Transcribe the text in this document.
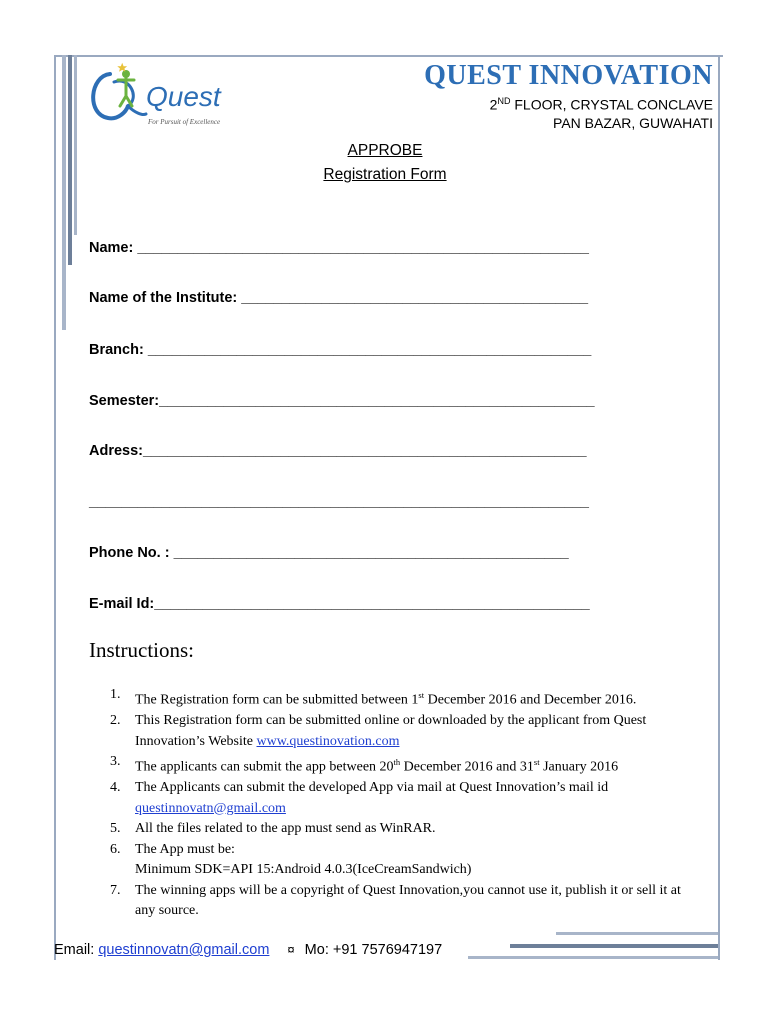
Quest
For Pursuit of Excellence
QUEST INNOVATION
2ND FLOOR, CRYSTAL CONCLAVE
PAN BAZAR, GUWAHATI
APPROBE
Registration Form
Name: ________________________________________________________
Name of the Institute: ___________________________________________
Branch: _______________________________________________________
Semester:______________________________________________________
Adress:_______________________________________________________
______________________________________________________________
Phone No. : _________________________________________________
E-mail Id:______________________________________________________
Instructions:
1.	The Registration form can be submitted between 1st December 2016 and December 2016.
2.	This Registration form can be submitted online or downloaded by the applicant from Quest Innovation’s Website www.questinovation.com
3.	The applicants can submit the app between 20th December 2016 and 31st January 2016
4.	The Applicants can submit the developed App via mail at Quest Innovation’s mail id
questinnovatn@gmail.com
5.	All the files related to the app must send as WinRAR.
6.	The App must be:
Minimum SDK=API 15:Android 4.0.3(IceCreamSandwich)
7.	The winning apps will be a copyright of Quest Innovation,you cannot use it, publish it or sell it at any source.
Email: questinnovatn@gmail.com ¤ Mo: +91 7576947197
